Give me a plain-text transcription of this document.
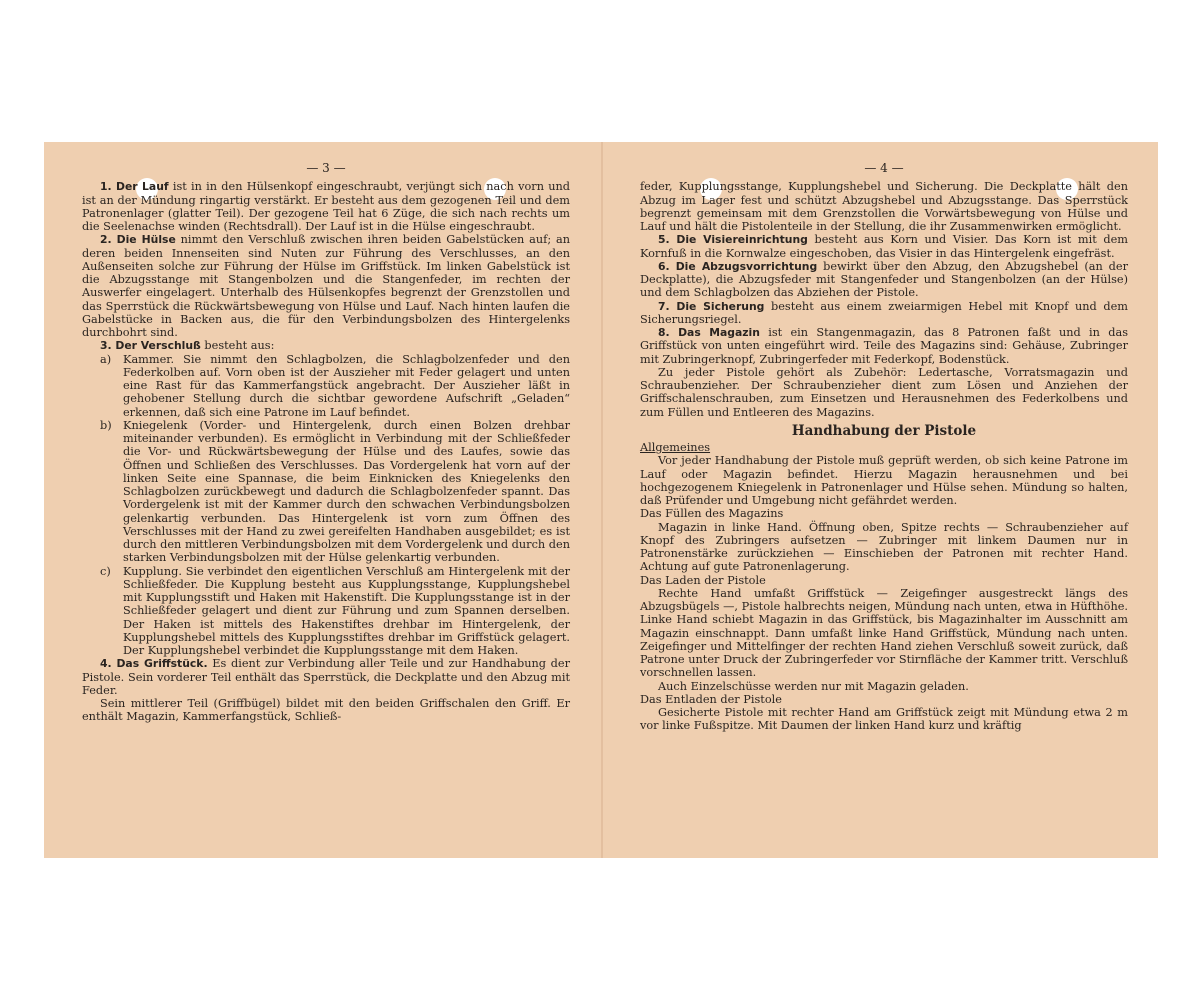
— 3 —

1. Der Lauf ist in in den Hülsenkopf eingeschraubt, verjüngt sich nach vorn und ist an der Mündung ringartig verstärkt. Er besteht aus dem gezogenen Teil und dem Patronenlager (glatter Teil). Der gezogene Teil hat 6 Züge, die sich nach rechts um die Seelenachse winden (Rechtsdrall). Der Lauf ist in die Hülse eingeschraubt.

2. Die Hülse nimmt den Verschluß zwischen ihren beiden Gabelstücken auf; an deren beiden Innenseiten sind Nuten zur Führung des Verschlusses, an den Außenseiten solche zur Führung der Hülse im Griffstück. Im linken Gabelstück ist die Abzugsstange mit Stangenbolzen und die Stangenfeder, im rechten der Auswerfer eingelagert. Unterhalb des Hülsenkopfes begrenzt der Grenzstollen und das Sperrstück die Rückwärtsbewegung von Hülse und Lauf. Nach hinten laufen die Gabelstücke in Backen aus, die für den Verbindungsbolzen des Hintergelenks durchbohrt sind.

3. Der Verschluß besteht aus:

a) Kammer. Sie nimmt den Schlagbolzen, die Schlagbolzenfeder und den Federkolben auf. Vorn oben ist der Auszieher mit Feder gelagert und unten eine Rast für das Kammerfangstück angebracht. Der Auszieher läßt in gehobener Stellung durch die sichtbar gewordene Aufschrift „Geladen“ erkennen, daß sich eine Patrone im Lauf befindet.

b) Kniegelenk (Vorder- und Hintergelenk, durch einen Bolzen drehbar miteinander verbunden). Es ermöglicht in Verbindung mit der Schließfeder die Vor- und Rückwärtsbewegung der Hülse und des Laufes, sowie das Öffnen und Schließen des Verschlusses. Das Vordergelenk hat vorn auf der linken Seite eine Spannase, die beim Einknicken des Kniegelenks den Schlagbolzen zurückbewegt und dadurch die Schlagbolzenfeder spannt. Das Vordergelenk ist mit der Kammer durch den schwachen Verbindungsbolzen gelenkartig verbunden. Das Hintergelenk ist vorn zum Öffnen des Verschlusses mit der Hand zu zwei gereifelten Handhaben ausgebildet; es ist durch den mittleren Verbindungsbolzen mit dem Vordergelenk und durch den starken Verbindungsbolzen mit der Hülse gelenkartig verbunden.

c) Kupplung. Sie verbindet den eigentlichen Verschluß am Hintergelenk mit der Schließfeder. Die Kupplung besteht aus Kupplungsstange, Kupplungshebel mit Kupplungsstift und Haken mit Hakenstift. Die Kupplungsstange ist in der Schließfeder gelagert und dient zur Führung und zum Spannen derselben. Der Haken ist mittels des Hakenstiftes drehbar im Hintergelenk, der Kupplungshebel mittels des Kupplungsstiftes drehbar im Griffstück gelagert. Der Kupplungshebel verbindet die Kupplungsstange mit dem Haken.

4. Das Griffstück. Es dient zur Verbindung aller Teile und zur Handhabung der Pistole. Sein vorderer Teil enthält das Sperrstück, die Deckplatte und den Abzug mit Feder.

Sein mittlerer Teil (Griffbügel) bildet mit den beiden Griffschalen den Griff. Er enthält Magazin, Kammerfangstück, Schließ-

— 4 —

feder, Kupplungsstange, Kupplungshebel und Sicherung. Die Deckplatte hält den Abzug im Lager fest und schützt Abzugshebel und Abzugsstange. Das Sperrstück begrenzt gemeinsam mit dem Grenzstollen die Vorwärtsbewegung von Hülse und Lauf und hält die Pistolenteile in der Stellung, die ihr Zusammenwirken ermöglicht.

5. Die Visiereinrichtung besteht aus Korn und Visier. Das Korn ist mit dem Kornfuß in die Kornwalze eingeschoben, das Visier in das Hintergelenk eingefräst.

6. Die Abzugsvorrichtung bewirkt über den Abzug, den Abzugshebel (an der Deckplatte), die Abzugsfeder mit Stangenfeder und Stangenbolzen (an der Hülse) und dem Schlagbolzen das Abziehen der Pistole.

7. Die Sicherung besteht aus einem zweiarmigen Hebel mit Knopf und dem Sicherungsriegel.

8. Das Magazin ist ein Stangenmagazin, das 8 Patronen faßt und in das Griffstück von unten eingeführt wird. Teile des Magazins sind: Gehäuse, Zubringer mit Zubringerknopf, Zubringerfeder mit Federkopf, Bodenstück.

Zu jeder Pistole gehört als Zubehör: Ledertasche, Vorratsmagazin und Schraubenzieher. Der Schraubenzieher dient zum Lösen und Anziehen der Griffschalenschrauben, zum Einsetzen und Herausnehmen des Federkolbens und zum Füllen und Entleeren des Magazins.

Handhabung der Pistole

Allgemeines

Vor jeder Handhabung der Pistole muß geprüft werden, ob sich keine Patrone im Lauf oder Magazin befindet. Hierzu Magazin herausnehmen und bei hochgezogenem Kniegelenk in Patronenlager und Hülse sehen. Mündung so halten, daß Prüfender und Umgebung nicht gefährdet werden.

Das Füllen des Magazins

Magazin in linke Hand. Öffnung oben, Spitze rechts — Schraubenzieher auf Knopf des Zubringers aufsetzen — Zubringer mit linkem Daumen nur in Patronenstärke zurückziehen — Einschieben der Patronen mit rechter Hand. Achtung auf gute Patronenlagerung.

Das Laden der Pistole

Rechte Hand umfaßt Griffstück — Zeigefinger ausgestreckt längs des Abzugsbügels —, Pistole halbrechts neigen, Mündung nach unten, etwa in Hüfthöhe. Linke Hand schiebt Magazin in das Griffstück, bis Magazinhalter im Ausschnitt am Magazin einschnappt. Dann umfaßt linke Hand Griffstück, Mündung nach unten. Zeigefinger und Mittelfinger der rechten Hand ziehen Verschluß soweit zurück, daß Patrone unter Druck der Zubringerfeder vor Stirnfläche der Kammer tritt. Verschluß vorschnellen lassen.

Auch Einzelschüsse werden nur mit Magazin geladen.

Das Entladen der Pistole

Gesicherte Pistole mit rechter Hand am Griffstück zeigt mit Mündung etwa 2 m vor linke Fußspitze. Mit Daumen der linken Hand kurz und kräftig
